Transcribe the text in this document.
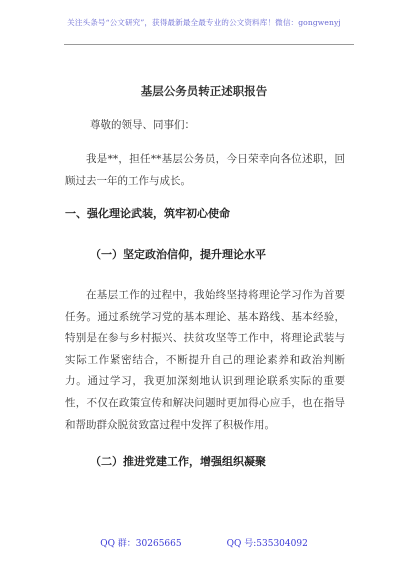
关注头条号“公文研究”，获得最新最全最专业的公文资料库！微信：gongwenyj
基层公务员转正述职报告
尊敬的领导、同事们：
我是**，担任**基层公务员，今日荣幸向各位述职，回顾过去一年的工作与成长。
一、强化理论武装，筑牢初心使命
（一）坚定政治信仰，提升理论水平
在基层工作的过程中，我始终坚持将理论学习作为首要任务。通过系统学习党的基本理论、基本路线、基本经验，特别是在参与乡村振兴、扶贫攻坚等工作中，将理论武装与实际工作紧密结合，不断提升自己的理论素养和政治判断力。通过学习，我更加深刻地认识到理论联系实际的重要性，不仅在政策宣传和解决问题时更加得心应手，也在指导和帮助群众脱贫致富过程中发挥了积极作用。
（二）推进党建工作，增强组织凝聚
QQ 群：30265665	QQ 号:535304092
